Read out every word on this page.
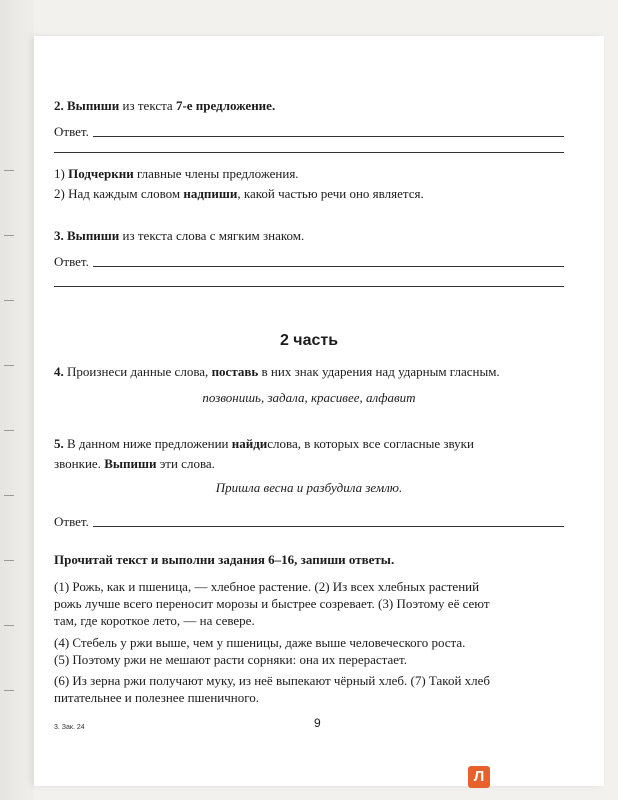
2. Выпиши из текста 7-е предложение.
Ответ.
1) Подчеркни главные члены предложения.
2) Над каждым словом надпиши, какой частью речи оно является.
3. Выпиши из текста слова с мягким знаком.
Ответ.
2 часть
4. Произнеси данные слова, поставь в них знак ударения над ударным гласным.
позвонишь, задала, красивее, алфавит
5. В данном ниже предложении найдислова, в которых все согласные звуки
звонкие. Выпиши эти слова.
Пришла весна и разбудила землю.
Ответ.
Прочитай текст и выполни задания 6–16, запиши ответы.
(1) Рожь, как и пшеница, — хлебное растение. (2) Из всех хлебных растений
рожь лучше всего переносит морозы и быстрее созревает. (3) Поэтому её сеют
там, где короткое лето, — на севере.
(4) Стебель у ржи выше, чем у пшеницы, даже выше человеческого роста.
(5) Поэтому ржи не мешают расти сорняки: она их перерастает.
(6) Из зерна ржи получают муку, из неё выпекают чёрный хлеб. (7) Такой хлеб
питательнее и полезнее пшеничного.
3. Зак. 24	9
Л
